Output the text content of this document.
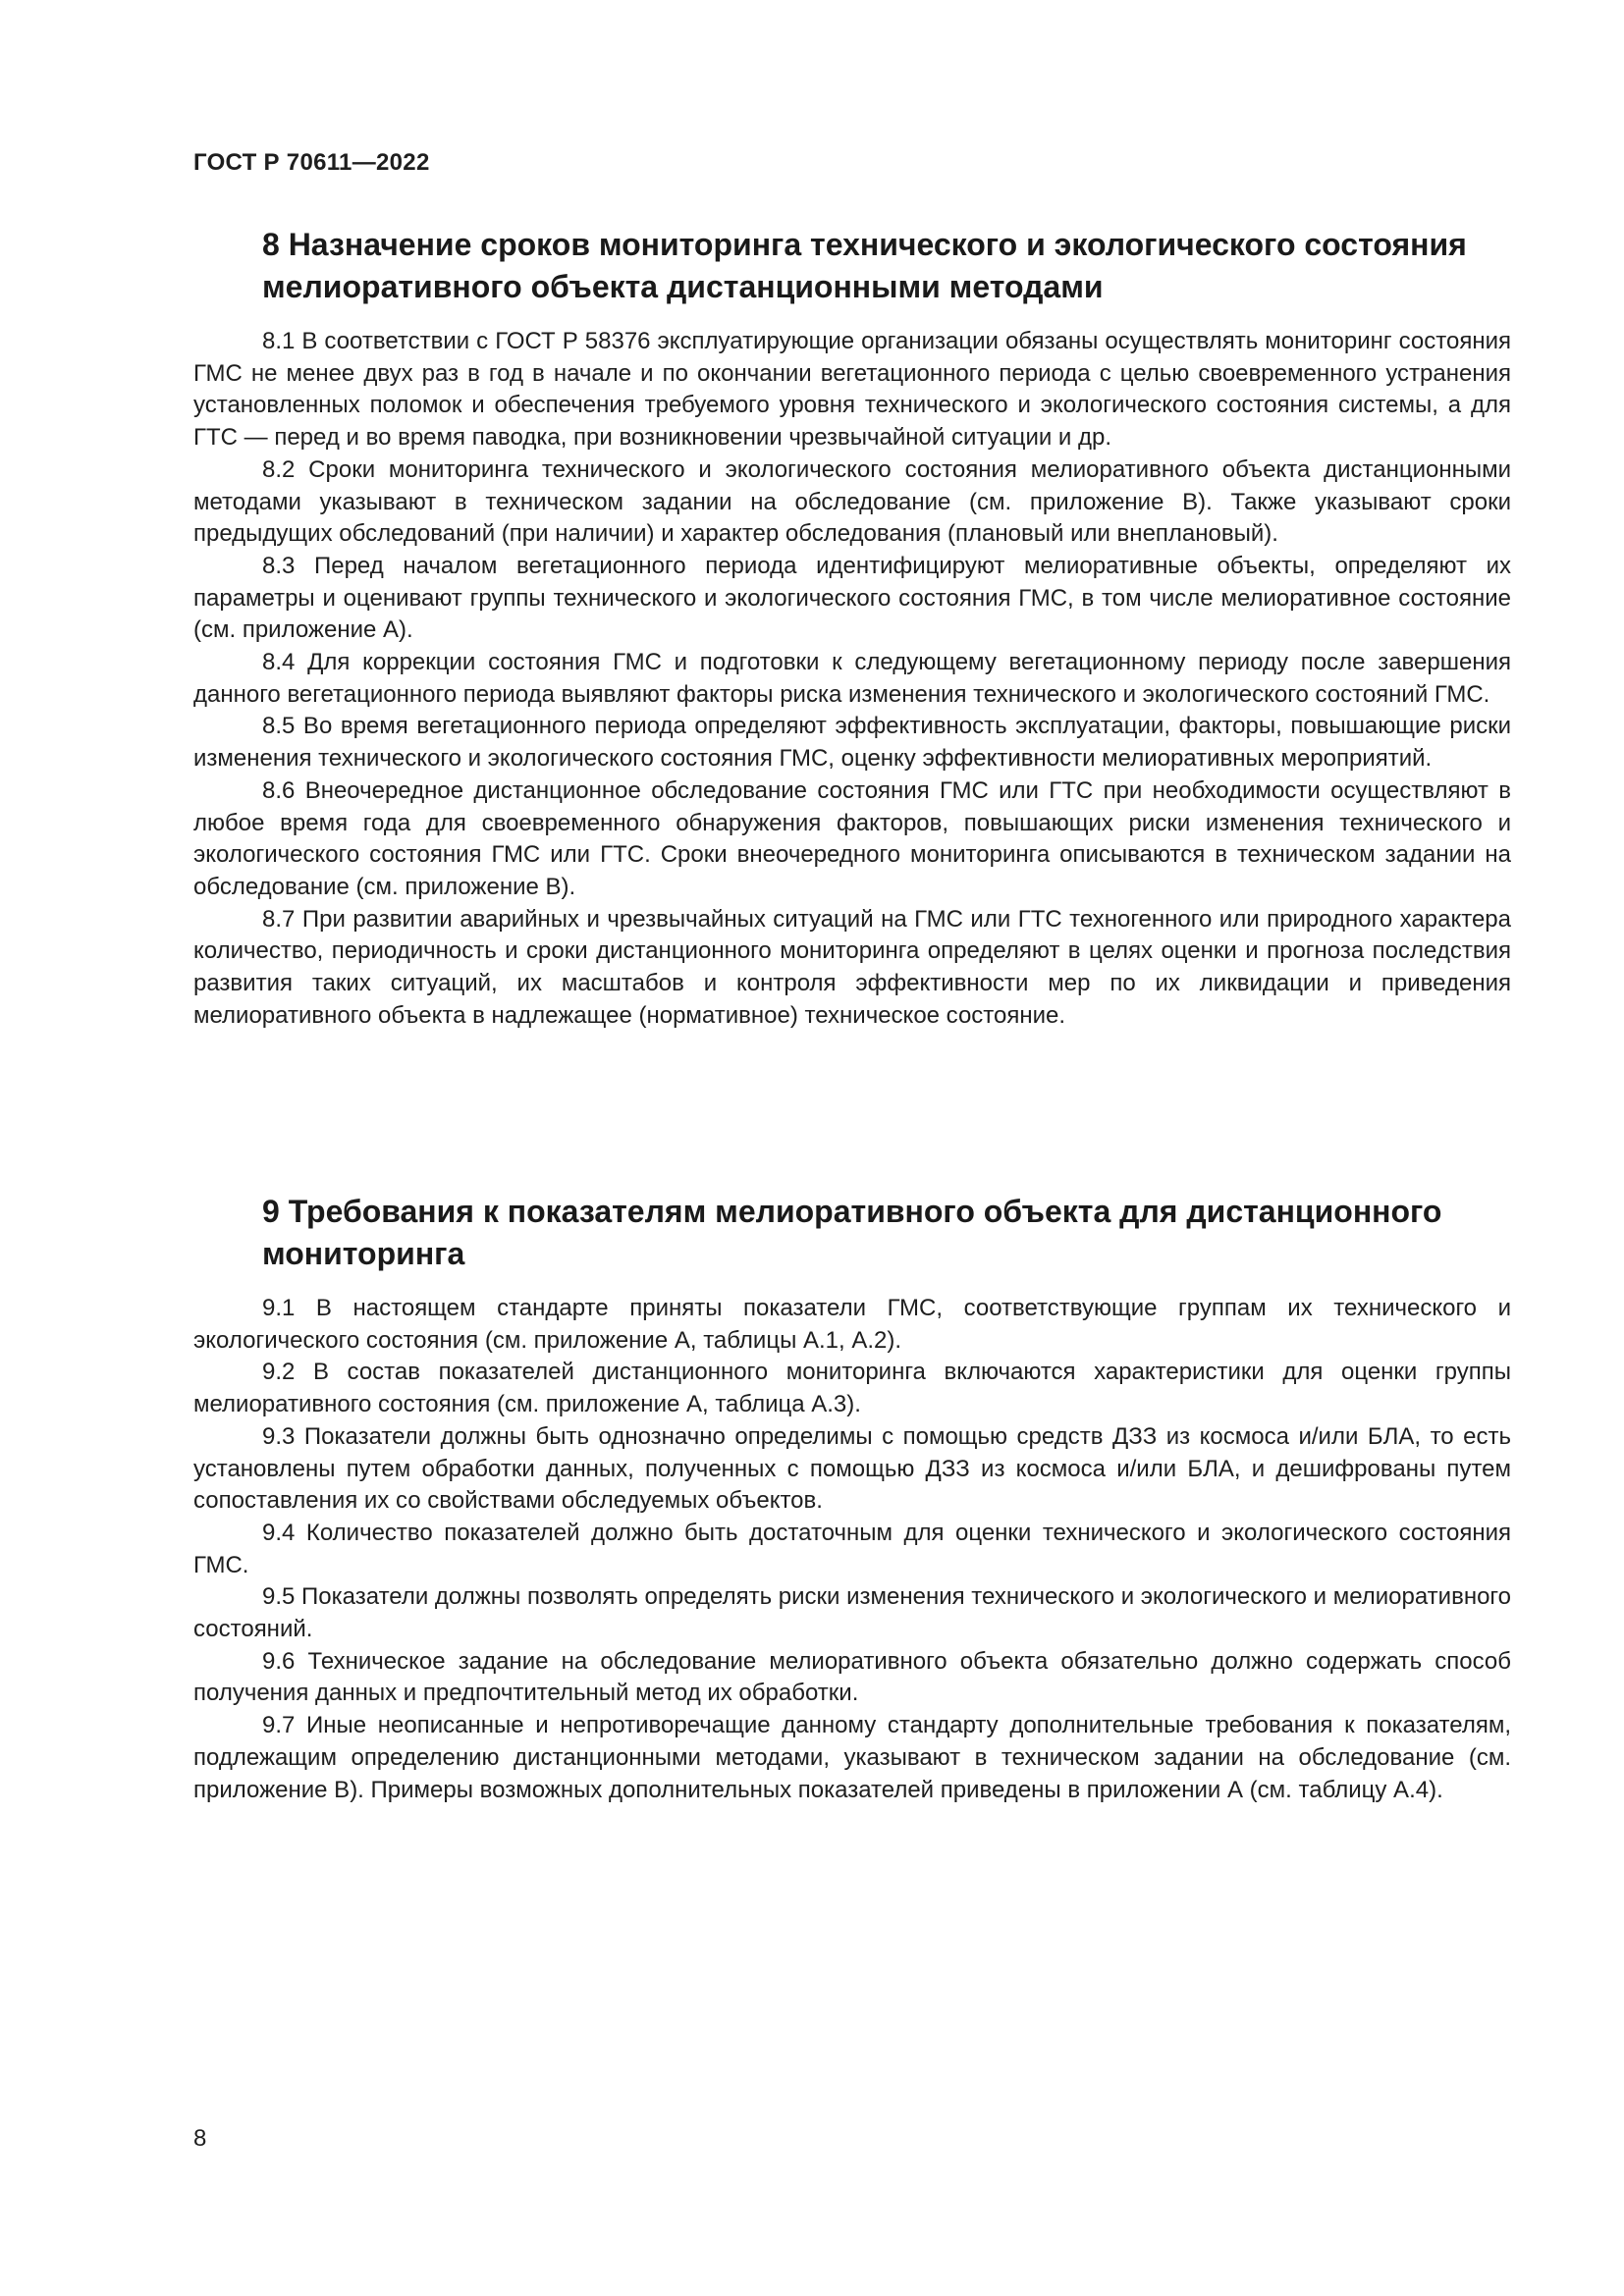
ГОСТ Р 70611—2022

8 Назначение сроков мониторинга технического и экологического состояния мелиоративного объекта дистанционными методами

8.1 В соответствии с ГОСТ Р 58376 эксплуатирующие организации обязаны осуществлять мониторинг состояния ГМС не менее двух раз в год в начале и по окончании вегетационного периода с целью своевременного устранения установленных поломок и обеспечения требуемого уровня технического и экологического состояния системы, а для ГТС — перед и во время паводка, при возникновении чрезвычайной ситуации и др.

8.2 Сроки мониторинга технического и экологического состояния мелиоративного объекта дистанционными методами указывают в техническом задании на обследование (см. приложение В). Также указывают сроки предыдущих обследований (при наличии) и характер обследования (плановый или внеплановый).

8.3 Перед началом вегетационного периода идентифицируют мелиоративные объекты, определяют их параметры и оценивают группы технического и экологического состояния ГМС, в том числе мелиоративное состояние (см. приложение А).

8.4 Для коррекции состояния ГМС и подготовки к следующему вегетационному периоду после завершения данного вегетационного периода выявляют факторы риска изменения технического и экологического состояний ГМС.

8.5 Во время вегетационного периода определяют эффективность эксплуатации, факторы, повышающие риски изменения технического и экологического состояния ГМС, оценку эффективности мелиоративных мероприятий.

8.6 Внеочередное дистанционное обследование состояния ГМС или ГТС при необходимости осуществляют в любое время года для своевременного обнаружения факторов, повышающих риски изменения технического и экологического состояния ГМС или ГТС. Сроки внеочередного мониторинга описываются в техническом задании на обследование (см. приложение В).

8.7 При развитии аварийных и чрезвычайных ситуаций на ГМС или ГТС техногенного или природного характера количество, периодичность и сроки дистанционного мониторинга определяют в целях оценки и прогноза последствия развития таких ситуаций, их масштабов и контроля эффективности мер по их ликвидации и приведения мелиоративного объекта в надлежащее (нормативное) техническое состояние.

9 Требования к показателям мелиоративного объекта для дистанционного мониторинга

9.1 В настоящем стандарте приняты показатели ГМС, соответствующие группам их технического и экологического состояния (см. приложение А, таблицы А.1, А.2).

9.2 В состав показателей дистанционного мониторинга включаются характеристики для оценки группы мелиоративного состояния (см. приложение А, таблица А.3).

9.3 Показатели должны быть однозначно определимы с помощью средств ДЗЗ из космоса и/или БЛА, то есть установлены путем обработки данных, полученных с помощью ДЗЗ из космоса и/или БЛА, и дешифрованы путем сопоставления их со свойствами обследуемых объектов.

9.4 Количество показателей должно быть достаточным для оценки технического и экологического состояния ГМС.

9.5 Показатели должны позволять определять риски изменения технического и экологического и мелиоративного состояний.

9.6 Техническое задание на обследование мелиоративного объекта обязательно должно содержать способ получения данных и предпочтительный метод их обработки.

9.7 Иные неописанные и непротиворечащие данному стандарту дополнительные требования к показателям, подлежащим определению дистанционными методами, указывают в техническом задании на обследование (см. приложение В). Примеры возможных дополнительных показателей приведены в приложении А (см. таблицу А.4).

8
